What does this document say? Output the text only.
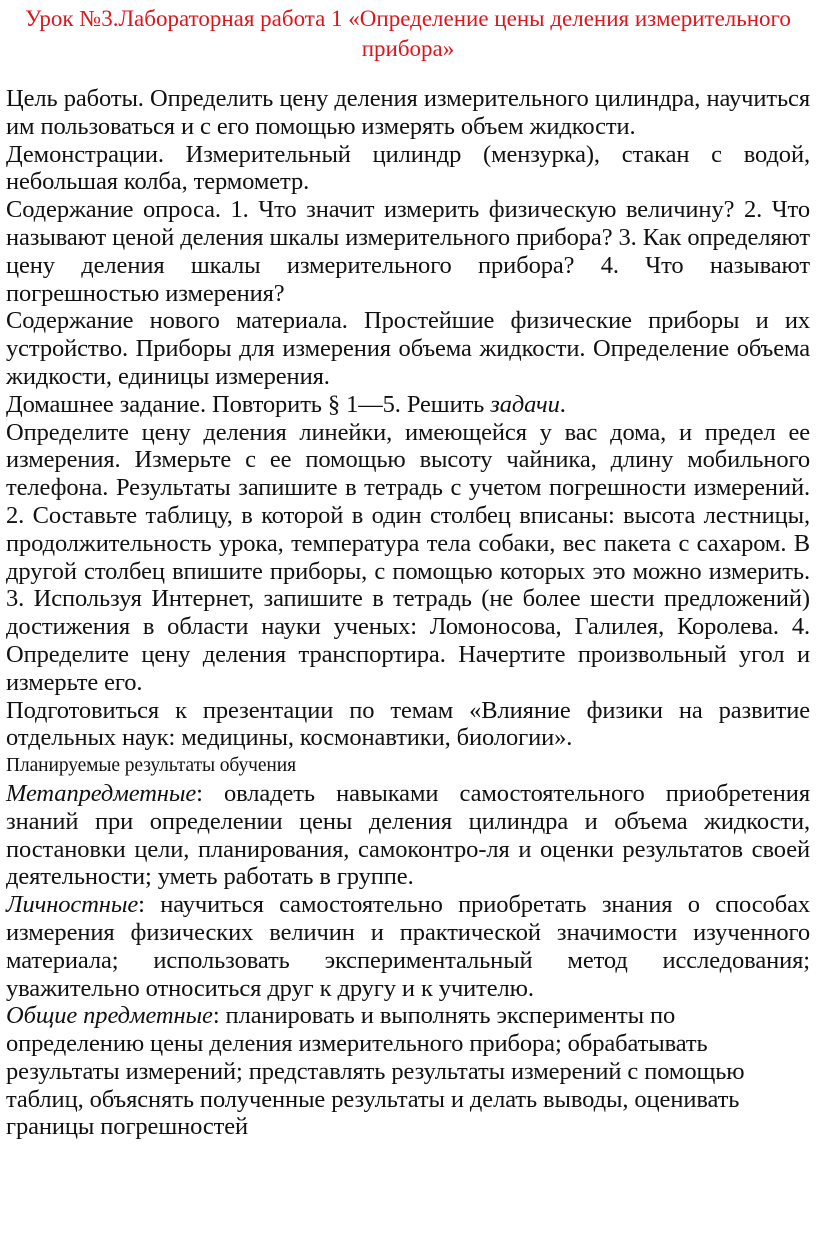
Урок №3.Лабораторная работа 1 «Определение цены деления измерительного прибора»

Цель работы. Определить цену деления измерительного цилиндра, научиться им пользоваться и с его помощью измерять объем жидкости.

Демонстрации. Измерительный цилиндр (мензурка), стакан с водой, небольшая колба, термометр.

Содержание опроса. 1. Что значит измерить физическую величину? 2. Что называют ценой деления шкалы измерительного прибора? 3. Как определяют цену деления шкалы измерительного прибора? 4. Что называют погрешностью измерения?

Содержание нового материала. Простейшие физические приборы и их устройство. Приборы для измерения объема жидкости. Определение объема жидкости, единицы измерения.

Домашнее задание. Повторить § 1—5. Решить задачи.

Определите цену деления линейки, имеющейся у вас дома, и предел ее измерения. Измерьте с ее помощью высоту чайника, длину мобильного телефона. Результаты запишите в тетрадь с учетом погрешности измерений. 2. Составьте таблицу, в которой в один столбец вписаны: высота лестницы, продолжительность урока, температура тела собаки, вес пакета с сахаром. В другой столбец впишите приборы, с помощью которых это можно измерить. 3. Используя Интернет, запишите в тетрадь (не более шести предложений) достижения в области науки ученых: Ломоносова, Галилея, Королева. 4. Определите цену деления транспортира. Начертите произвольный угол и измерьте его.

Подготовиться к презентации по темам «Влияние физики на развитие отдельных наук: медицины, космонавтики, биологии».

Планируемые результаты обучения

Метапредметные: овладеть навыками самостоятельного приобретения знаний при определении цены деления цилиндра и объема жидкости, постановки цели, планирования, самоконтро-ля и оценки результатов своей деятельности; уметь работать в группе.

Личностные: научиться самостоятельно приобретать знания о способах измерения физических величин и практической значимости изученного материала; использовать экспериментальный метод исследования; уважительно относиться друг к другу и к учителю.

Общие предметные: планировать и выполнять эксперименты по определению цены деления измерительного прибора; обрабатывать результаты измерений; представлять результаты измерений с помощью таблиц, объяснять полученные результаты и делать выводы, оценивать границы погрешностей
